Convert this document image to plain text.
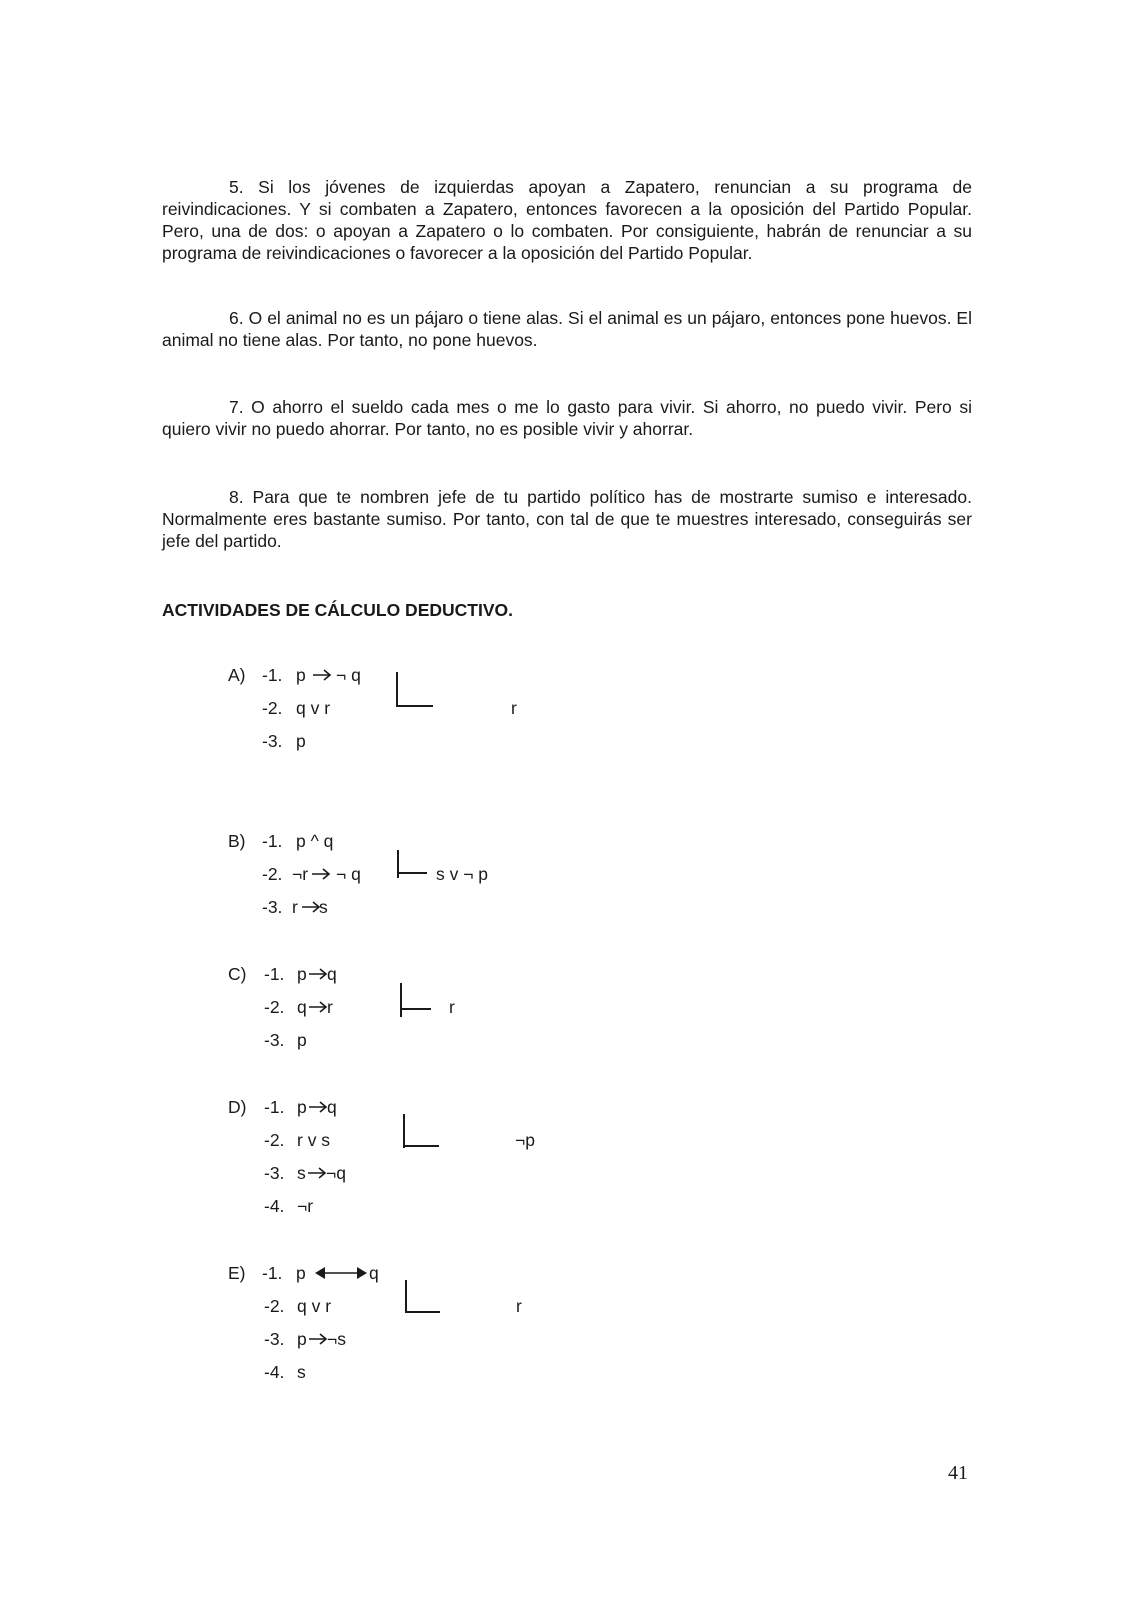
5. Si los jóvenes de izquierdas apoyan a Zapatero, renuncian a su programa de reivindicaciones. Y si combaten a Zapatero, entonces favorecen a la oposición del Partido Popular. Pero, una de dos: o apoyan a Zapatero o lo combaten. Por consiguiente, habrán de renunciar a su programa de reivindicaciones o favorecer a la oposición del Partido Popular.

6. O el animal no es un pájaro o tiene alas. Si el animal es un pájaro, entonces pone huevos. El animal no tiene alas. Por tanto, no pone huevos.

7. O ahorro el sueldo cada mes o me lo gasto para vivir. Si ahorro, no puedo vivir. Pero si quiero vivir no puedo ahorrar. Por tanto, no es posible vivir y ahorrar.

8. Para que te nombren jefe de tu partido político has de mostrarte sumiso e interesado. Normalmente eres bastante sumiso. Por tanto, con tal de que te muestres interesado, conseguirás ser jefe del partido.

ACTIVIDADES DE CÁLCULO DEDUCTIVO.
A) -1. p ¬ q
-2. q v r
-3. p
r
B) -1. p ^ q
-2. ¬r ¬ q
-3. r s
s v ¬ p
C) -1. p q
-2. q r
-3. p
r
D) -1. p q
-2. r v s
-3. s ¬q
-4. ¬r
¬p
E) -1. p	q
-2. q v r
-3. p ¬s
-4. s
r
41
